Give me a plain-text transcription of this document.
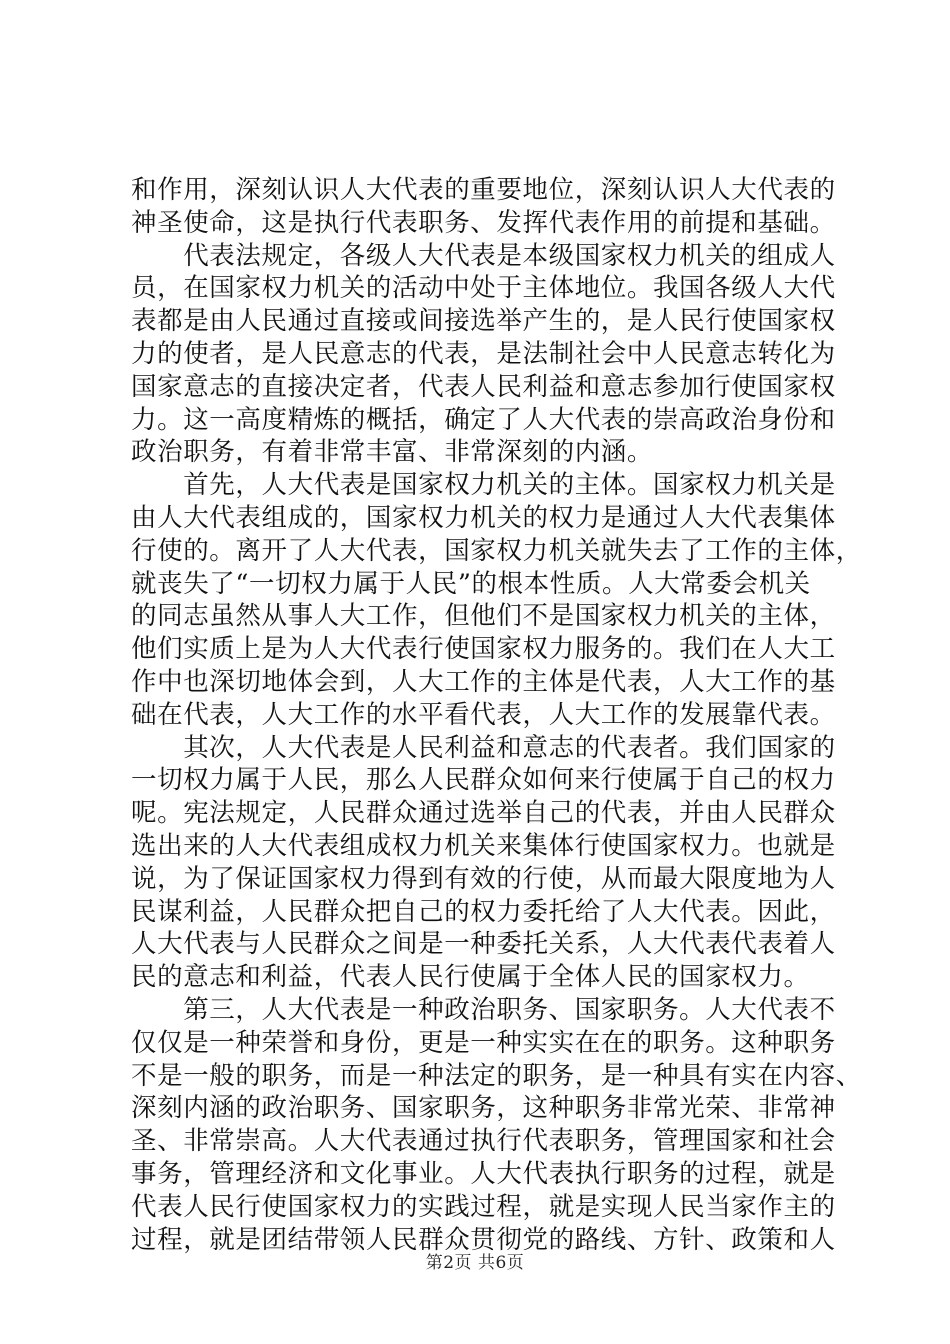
和作用，深刻认识人大代表的重要地位，深刻认识人大代表的
神圣使命，这是执行代表职务、发挥代表作用的前提和基础。
　　代表法规定，各级人大代表是本级国家权力机关的组成人
员，在国家权力机关的活动中处于主体地位。我国各级人大代
表都是由人民通过直接或间接选举产生的，是人民行使国家权
力的使者，是人民意志的代表，是法制社会中人民意志转化为
国家意志的直接决定者，代表人民利益和意志参加行使国家权
力。这一高度精炼的概括，确定了人大代表的崇高政治身份和
政治职务，有着非常丰富、非常深刻的内涵。
　　首先，人大代表是国家权力机关的主体。国家权力机关是
由人大代表组成的，国家权力机关的权力是通过人大代表集体
行使的。离开了人大代表，国家权力机关就失去了工作的主体，
就丧失了“一切权力属于人民”的根本性质。人大常委会机关
的同志虽然从事人大工作，但他们不是国家权力机关的主体，
他们实质上是为人大代表行使国家权力服务的。我们在人大工
作中也深切地体会到，人大工作的主体是代表，人大工作的基
础在代表，人大工作的水平看代表，人大工作的发展靠代表。
　　其次，人大代表是人民利益和意志的代表者。我们国家的
一切权力属于人民，那么人民群众如何来行使属于自己的权力
呢。宪法规定，人民群众通过选举自己的代表，并由人民群众
选出来的人大代表组成权力机关来集体行使国家权力。也就是
说，为了保证国家权力得到有效的行使，从而最大限度地为人
民谋利益，人民群众把自己的权力委托给了人大代表。因此，
人大代表与人民群众之间是一种委托关系，人大代表代表着人
民的意志和利益，代表人民行使属于全体人民的国家权力。
　　第三，人大代表是一种政治职务、国家职务。人大代表不
仅仅是一种荣誉和身份，更是一种实实在在的职务。这种职务
不是一般的职务，而是一种法定的职务，是一种具有实在内容、
深刻内涵的政治职务、国家职务，这种职务非常光荣、非常神
圣、非常崇高。人大代表通过执行代表职务，管理国家和社会
事务，管理经济和文化事业。人大代表执行职务的过程，就是
代表人民行使国家权力的实践过程，就是实现人民当家作主的
过程，就是团结带领人民群众贯彻党的路线、方针、政策和人
第2页 共6页
